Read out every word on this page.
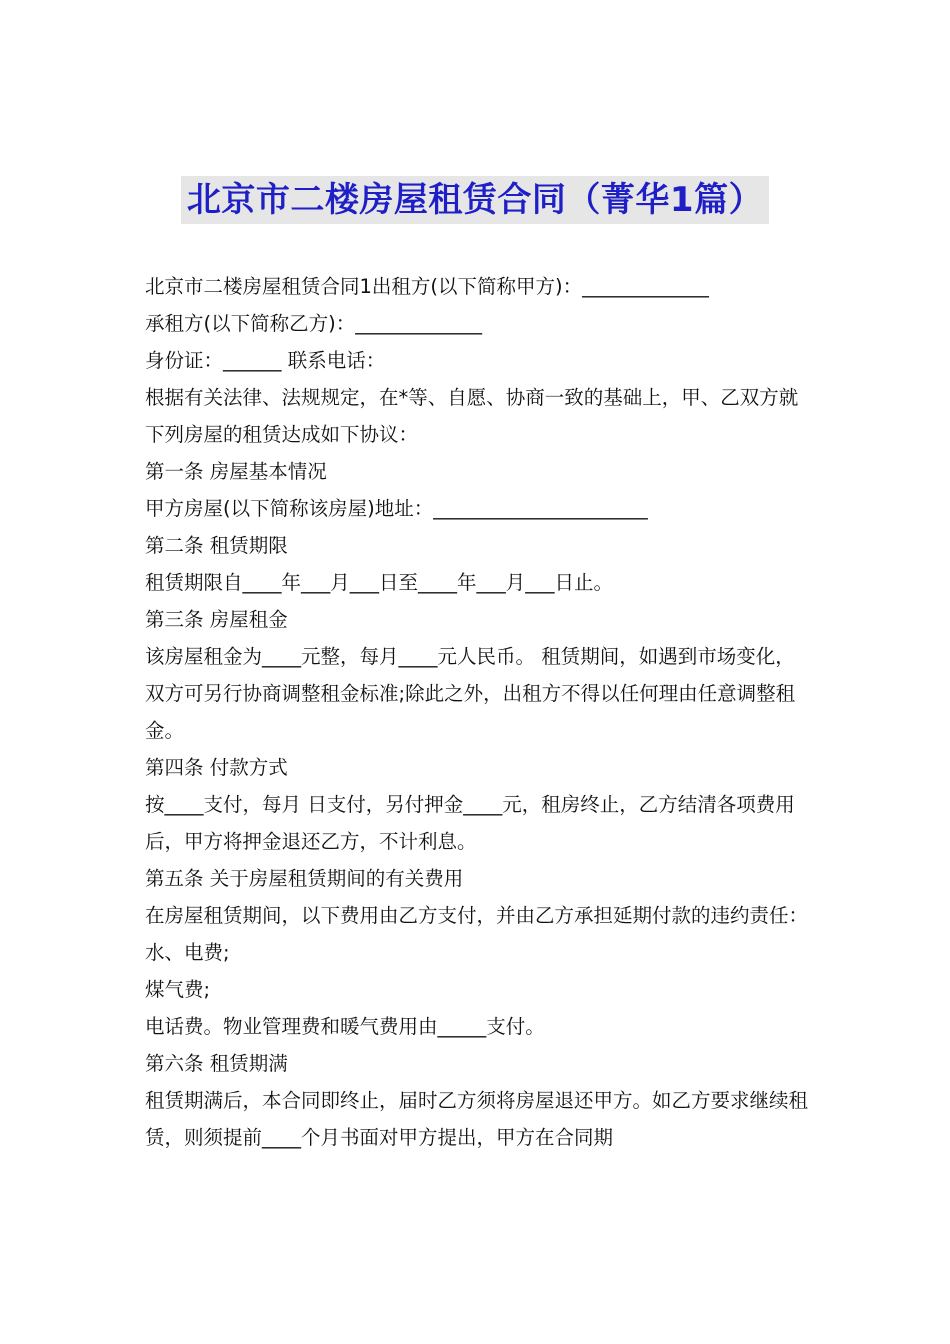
北京市二楼房屋租赁合同（菁华1篇）

北京市二楼房屋租赁合同1出租方(以下简称甲方)：_____________

承租方(以下简称乙方)：_____________

身份证：______ 联系电话：

根据有关法律、法规规定，在*等、自愿、协商一致的基础上，甲、乙双方就下列房屋的租赁达成如下协议：

第一条 房屋基本情况

甲方房屋(以下简称该房屋)地址：______________________

第二条 租赁期限

租赁期限自____年___月___日至____年___月___日止。

第三条 房屋租金

该房屋租金为____元整，每月____元人民币。 租赁期间，如遇到市场变化，双方可另行协商调整租金标准;除此之外，出租方不得以任何理由任意调整租金。

第四条 付款方式

按____支付，每月 日支付，另付押金____元，租房终止，乙方结清各项费用后，甲方将押金退还乙方，不计利息。

第五条 关于房屋租赁期间的有关费用

在房屋租赁期间，以下费用由乙方支付，并由乙方承担延期付款的违约责任：

水、电费;

煤气费;

电话费。物业管理费和暖气费用由_____支付。

第六条 租赁期满

租赁期满后，本合同即终止，届时乙方须将房屋退还甲方。如乙方要求继续租赁，则须提前____个月书面对甲方提出，甲方在合同期
